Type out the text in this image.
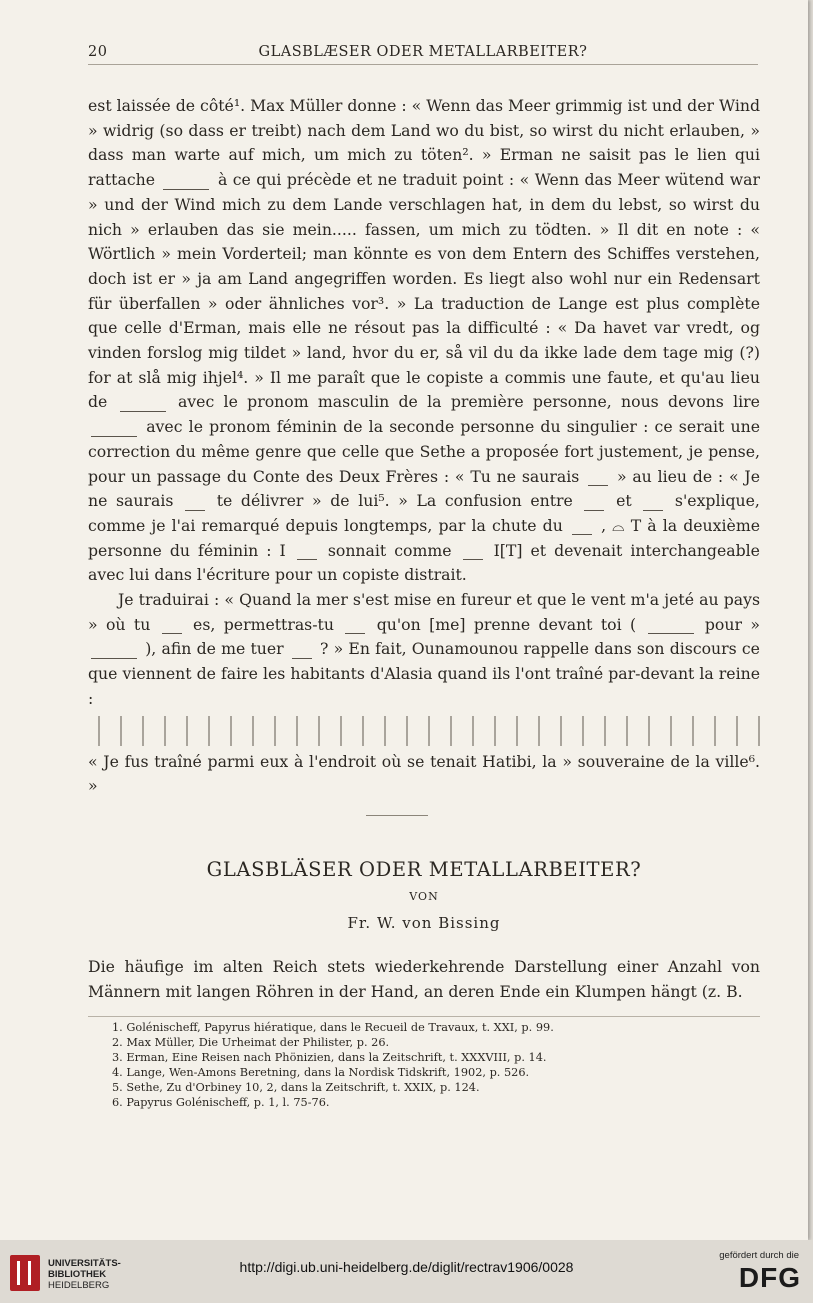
20	GLASBLÆSER ODER METALLARBEITER?

est laissée de côté¹. Max Müller donne : « Wenn das Meer grimmig ist und der Wind » widrig (so dass er treibt) nach dem Land wo du bist, so wirst du nicht erlauben, » dass man warte auf mich, um mich zu töten². » Erman ne saisit pas le lien qui rattache	à ce qui précède et ne traduit point : « Wenn das Meer wütend war » und der Wind mich zu dem Lande verschlagen hat, in dem du lebst, so wirst du nich » erlauben das sie mein..... fassen, um mich zu tödten. » Il dit en note : « Wörtlich » mein Vorderteil; man könnte es von dem Entern des Schiffes verstehen, doch ist er » ja am Land angegriffen worden. Es liegt also wohl nur ein Redensart für überfallen » oder ähnliches vor³. » La traduction de Lange est plus complète que celle d'Erman, mais elle ne résout pas la difficulté : « Da havet var vredt, og vinden forslog mig tildet » land, hvor du er, så vil du da ikke lade dem tage mig (?) for at slå mig ihjel⁴. » Il me paraît que le copiste a commis une faute, et qu'au lieu de	avec le pronom masculin de la première personne, nous devons lire  avec le pronom féminin de la seconde personne du singulier : ce serait une correction du même genre que celle que Sethe a proposée fort justement, je pense, pour un passage du Conte des Deux Frères : « Tu ne saurais » au lieu de : « Je ne saurais	te délivrer » de lui⁵. » La confusion entre	et	s'explique, comme je l'ai remarqué depuis longtemps, par la chute du , ⌓ T à la deuxième personne du féminin : I	sonnait comme	I[T] et devenait interchangeable avec lui dans l'écriture pour un copiste distrait.

Je traduirai : « Quand la mer s'est mise en fureur et que le vent m'a jeté au pays » où tu	es, permettras-tu	qu'on [me] prenne devant toi (	pour »  ), afin de me tuer ? » En fait, Ounamounou rappelle dans son discours ce que viennent de faire les habitants d'Alasia quand ils l'ont traîné par-devant la reine :

« Je fus traîné parmi eux à l'endroit où se tenait Hatibi, la » souveraine de la ville⁶. »

GLASBLÄSER ODER METALLARBEITER?
VON
Fr. W. von Bissing
Die häufige im alten Reich stets wiederkehrende Darstellung einer Anzahl von Männern mit langen Röhren in der Hand, an deren Ende ein Klumpen hängt (z. B.
1. Golénischeff, Papyrus hiératique, dans le Recueil de Travaux, t. XXI, p. 99.
2. Max Müller, Die Urheimat der Philister, p. 26.
3. Erman, Eine Reisen nach Phönizien, dans la Zeitschrift, t. XXXVIII, p. 14.
4. Lange, Wen-Amons Beretning, dans la Nordisk Tidskrift, 1902, p. 526.
5. Sethe, Zu d'Orbiney 10, 2, dans la Zeitschrift, t. XXIX, p. 124.
6. Papyrus Golénischeff, p. 1, l. 75-76.
UNIVERSITÄTS-
BIBLIOTHEK
HEIDELBERG
http://digi.ub.uni-heidelberg.de/diglit/rectrav1906/0028
gefördert durch die
DFG
